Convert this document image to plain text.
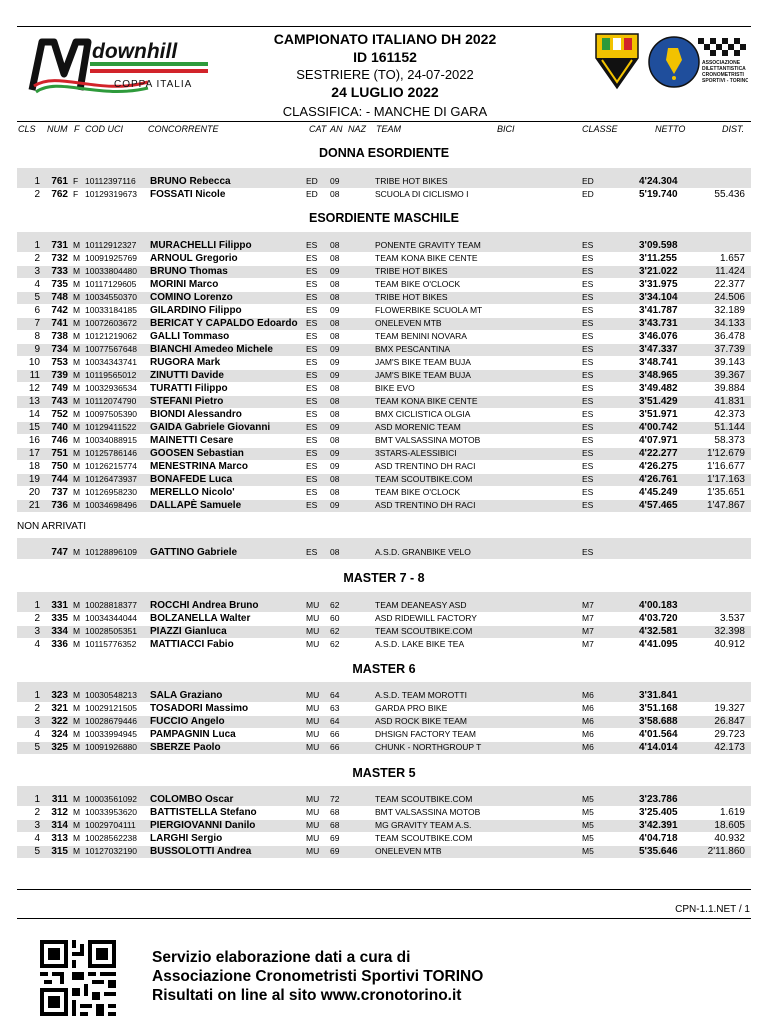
downhill
COPPA ITALIA
CAMPIONATO ITALIANO DH 2022
ID 161152
SESTRIERE (TO), 24-07-2022
24 LUGLIO 2022
CLASSIFICA: - MANCHE DI GARA
ASSOCIAZIONE
DILETTANTISTICA
CRONOMETRISTI
SPORTIVI - TORINO
CLS NUM F COD UCI	CONCORRENTE	CAT AN NAZ TEAM	BICI	CLASSE	NETTO	DIST.
DONNA ESORDIENTE
1	761 F 10112397116	BRUNO Rebecca	ED	09	TRIBE HOT BIKES	ED	4'24.304
2	762 F 10129319673	FOSSATI Nicole	ED	08	SCUOLA DI CICLISMO I	ED	5'19.740	55.436
ESORDIENTE MASCHILE
1	731 M 10112912327	MURACHELLI Filippo	ES	08	PONENTE GRAVITY TEAM	ES	3'09.598
2	732 M 10091925769	ARNOUL Gregorio	ES	08	TEAM KONA BIKE CENTE	ES	3'11.255	1.657
3	733 M 10033804480	BRUNO Thomas	ES	09	TRIBE HOT BIKES	ES	3'21.022	11.424
4	735 M 10117129605	MORINI Marco	ES	08	TEAM BIKE O'CLOCK	ES	3'31.975	22.377
5	748 M 10034550370	COMINO Lorenzo	ES	08	TRIBE HOT BIKES	ES	3'34.104	24.506
6	742 M 10033184185	GILARDINO Filippo	ES	09	FLOWERBIKE SCUOLA MT	ES	3'41.787	32.189
7	741 M 10072603672	BERICAT Y CAPALDO Edoardo ES	08	ONELEVEN MTB	ES	3'43.731	34.133
8	738 M 10121219062	GALLI Tommaso	ES	08	TEAM BENINI NOVARA	ES	3'46.076	36.478
9	734 M 10077567648	BIANCHI Amedeo Michele	ES	09	BMX PESCANTINA	ES	3'47.337	37.739
10	753 M 10034343741	RUGORA Mark	ES	09	JAM'S BIKE TEAM BUJA	ES	3'48.741	39.143
11	739 M 10119565012	ZINUTTI Davide	ES	09	JAM'S BIKE TEAM BUJA	ES	3'48.965	39.367
12	749 M 10032936534	TURATTI Filippo	ES	08	BIKE EVO	ES	3'49.482	39.884
13	743 M 10112074790	STEFANI Pietro	ES	08	TEAM KONA BIKE CENTE	ES	3'51.429	41.831
14	752 M 10097505390	BIONDI Alessandro	ES	08	BMX CICLISTICA OLGIA	ES	3'51.971	42.373
15	740 M 10129411522	GAIDA Gabriele Giovanni	ES	09	ASD MORENIC TEAM	ES	4'00.742	51.144
16	746 M 10034088915	MAINETTI Cesare	ES	08	BMT VALSASSINA MOTOB	ES	4'07.971	58.373
17	751 M 10125786146	GOOSEN Sebastian	ES	09	3STARS-ALESSIBICI	ES	4'22.277	1'12.679
18	750 M 10126215774	MENESTRINA Marco	ES	09	ASD TRENTINO DH RACI	ES	4'26.275	1'16.677
19	744 M 10126473937	BONAFEDE Luca	ES	08	TEAM SCOUTBIKE.COM	ES	4'26.761	1'17.163
20	737 M 10126958230	MERELLO Nicolo'	ES	08	TEAM BIKE O'CLOCK	ES	4'45.249	1'35.651
21	736 M 10034698496	DALLAPÈ Samuele	ES	09	ASD TRENTINO DH RACI	ES	4'57.465	1'47.867
NON ARRIVATI
747 M 10128896109	GATTINO Gabriele	ES	08	A.S.D. GRANBIKE VELO	ES
MASTER 7 - 8
1	331 M 10028818377	ROCCHI Andrea Bruno	MU	62	TEAM DEANEASY ASD	M7	4'00.183
2	335 M 10034344044	BOLZANELLA Walter	MU	60	ASD RIDEWILL FACTORY	M7	4'03.720	3.537
3	334 M 10028505351	PIAZZI Gianluca	MU	62	TEAM SCOUTBIKE.COM	M7	4'32.581	32.398
4	336 M 10115776352	MATTIACCI Fabio	MU	62	A.S.D. LAKE BIKE TEA	M7	4'41.095	40.912
MASTER 6
1	323 M 10030548213	SALA Graziano	MU	64	A.S.D. TEAM MOROTTI	M6	3'31.841
2	321 M 10029121505	TOSADORI Massimo	MU	63	GARDA PRO BIKE	M6	3'51.168	19.327
3	322 M 10028679446	FUCCIO Angelo	MU	64	ASD ROCK BIKE TEAM	M6	3'58.688	26.847
4	324 M 10033994945	PAMPAGNIN Luca	MU	66	DHSIGN FACTORY TEAM	M6	4'01.564	29.723
5	325 M 10091926880	SBERZE Paolo	MU	66	CHUNK - NORTHGROUP T	M6	4'14.014	42.173
MASTER 5
1	311 M 10003561092	COLOMBO Oscar	MU	72	TEAM SCOUTBIKE.COM	M5	3'23.786
2	312 M 10033953620	BATTISTELLA Stefano	MU	68	BMT VALSASSINA MOTOB	M5	3'25.405	1.619
3	314 M 10029704111	PIERGIOVANNI Danilo	MU	68	MG GRAVITY TEAM A.S.	M5	3'42.391	18.605
4	313 M 10028562238	LARGHI Sergio	MU	69	TEAM SCOUTBIKE.COM	M5	4'04.718	40.932
5	315 M 10127032190	BUSSOLOTTI Andrea	MU	69	ONELEVEN MTB	M5	5'35.646	2'11.860
CPN-1.1.NET / 1
Servizio elaborazione dati a cura di
Associazione Cronometristi Sportivi TORINO
Risultati on line al sito www.cronotorino.it
